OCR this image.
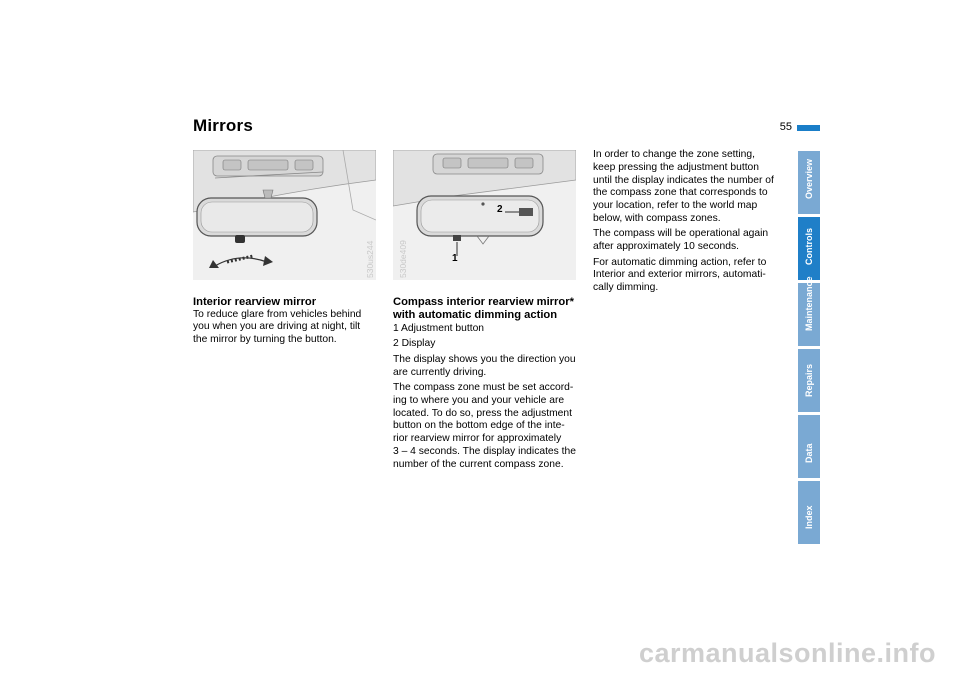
Mirrors	55
530us244
2
1
530de409
Interior rearview mirror

To reduce glare from vehicles behind
you when you are driving at night, tilt
the mirror by turning the button.

Compass interior rearview mirror*
with automatic dimming action

1 Adjustment button

2 Display

The display shows you the direction you
are currently driving.

The compass zone must be set accord-
ing to where you and your vehicle are
located. To do so, press the adjustment
button on the bottom edge of the inte-
rior rearview mirror for approximately
3 – 4 seconds. The display indicates the
number of the current compass zone.

In order to change the zone setting,
keep pressing the adjustment button
until the display indicates the number of
the compass zone that corresponds to
your location, refer to the world map
below, with compass zones.

The compass will be operational again
after approximately 10 seconds.

For automatic dimming action, refer to
Interior and exterior mirrors, automati-
cally dimming.

Overview
Controls
Maintenance
Repairs
Data
Index
carmanualsonline.info
